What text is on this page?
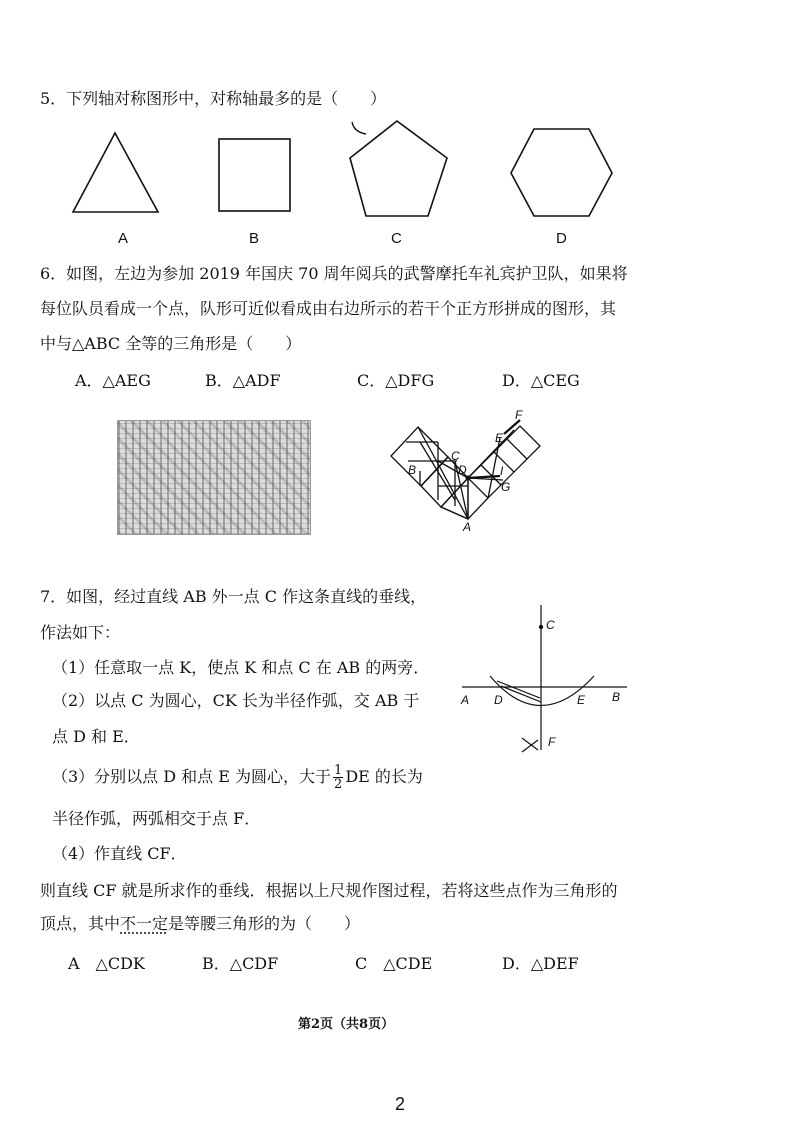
5．下列轴对称图形中，对称轴最多的是（　　）
A	B	C	D
6．如图，左边为参加 2019 年国庆 70 周年阅兵的武警摩托车礼宾护卫队，如果将
每位队员看成一个点，队形可近似看成由右边所示的若干个正方形拼成的图形，其
中与△ABC 全等的三角形是（　　）
A．△AEG	B．△ADF	C．△DFG	D．△CEG
F
E
C
D	I
B
G
A
7．如图，经过直线 AB 外一点 C 作这条直线的垂线，
作法如下：
（1）任意取一点 K，使点 K 和点 C 在 AB 的两旁．
（2）以点 C 为圆心，CK 长为半径作弧，交 AB 于
点 D 和 E．
（3）分别以点 D 和点 E 为圆心，大于 $\frac{1}{2}$ DE 的长为
半径作弧，两弧相交于点 F．
（4）作直线 CF．
则直线 CF 就是所求作的垂线．根据以上尺规作图过程，若将这些点作为三角形的
顶点，其中不一定是等腰三角形的为（　　）
A　△CDK	B．△CDF	C　△CDE	D．△DEF
C
A D	E B
F
第2页（共8页）
2
